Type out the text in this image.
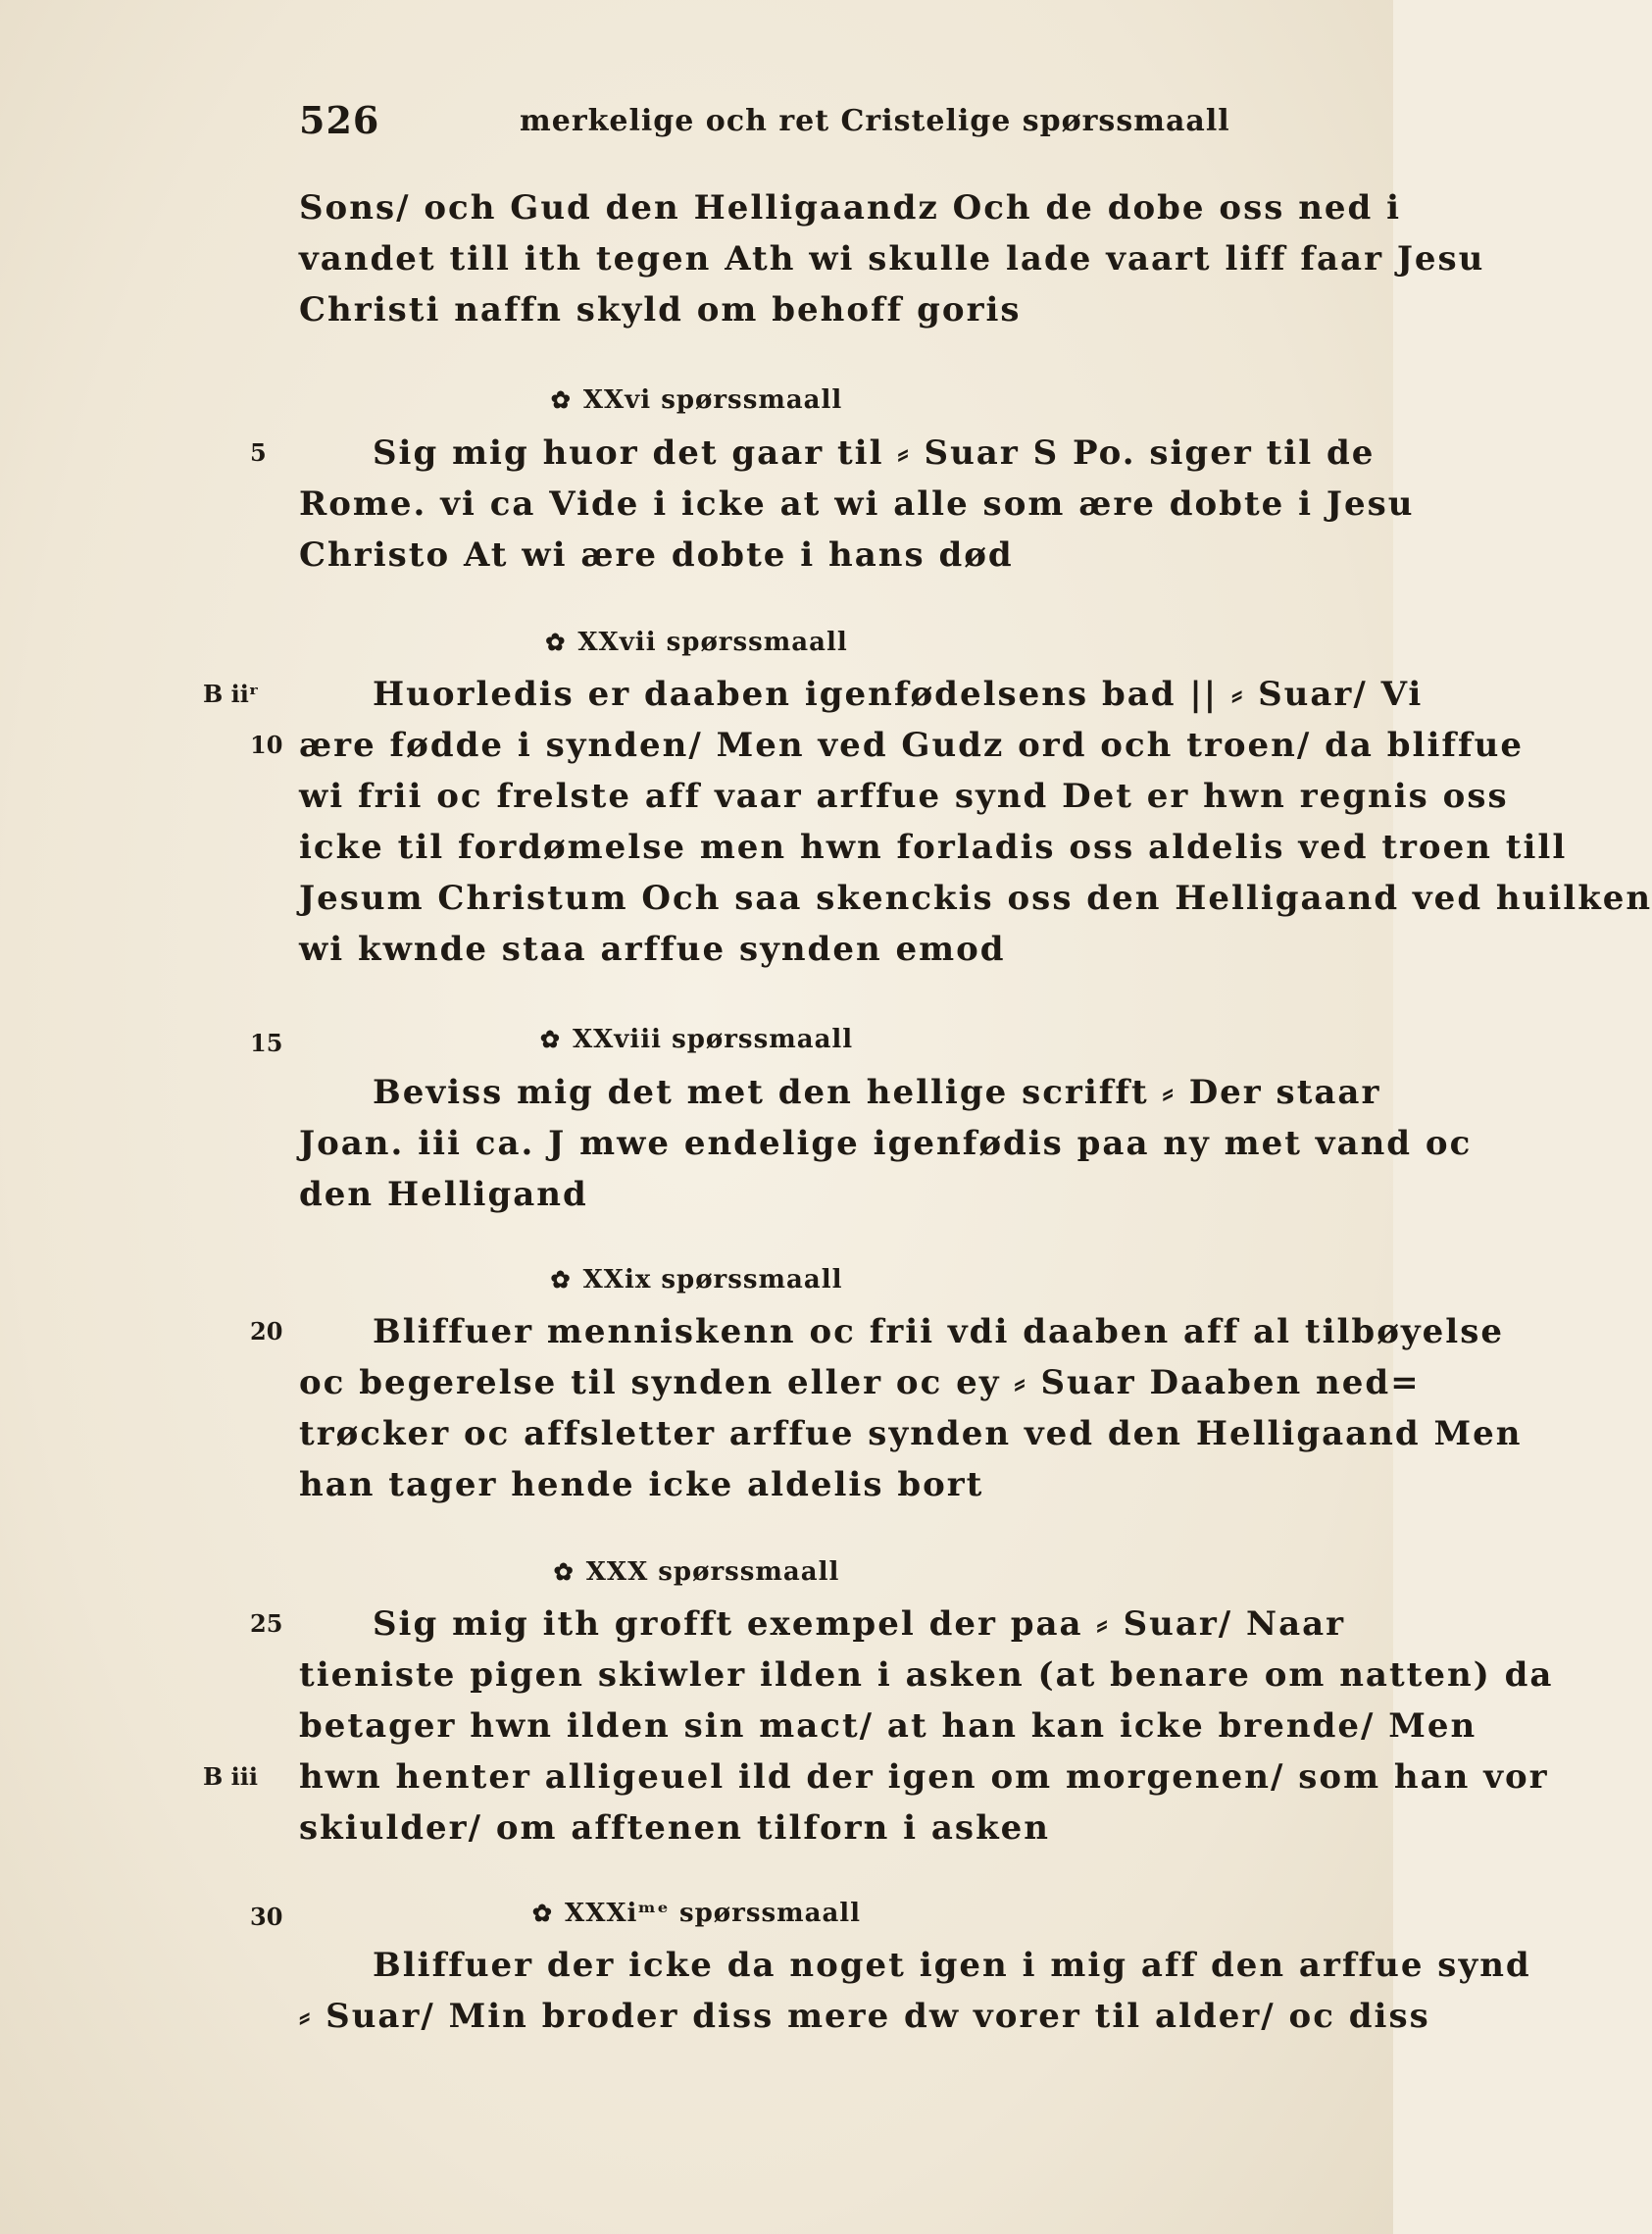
526	merkelige och ret Cristelige spørssmaall
Sons/ och Gud den Helligaandz Och de dobe oss ned i
vandet till ith tegen Ath wi skulle lade vaart liff faar Jesu
Christi naffn skyld om behoff goris
✿ XXvi spørssmaall
Sig mig huor det gaar til ⸗ Suar S Po. siger til de
5
Rome. vi ca Vide i icke at wi alle som ære dobte i Jesu
Christo At wi ære dobte i hans død
✿ XXvii spørssmaall
Huorledis er daaben igenfødelsens bad || ⸗ Suar/ Vi
B iiʳ
ære fødde i synden/ Men ved Gudz ord och troen/ da bliffue
10
wi frii oc frelste aff vaar arffue synd Det er hwn regnis oss
icke til fordømelse men hwn forladis oss aldelis ved troen till
Jesum Christum Och saa skenckis oss den Helligaand ved huilken
wi kwnde staa arffue synden emod
✿ XXviii spørssmaall
15
Beviss mig det met den hellige scrifft ⸗ Der staar
Joan. iii ca. J mwe endelige igenfødis paa ny met vand oc
den Helligand
✿ XXix spørssmaall
Bliffuer menniskenn oc frii vdi daaben aff al tilbøyelse
20
oc begerelse til synden eller oc ey ⸗ Suar Daaben ned=
trøcker oc affsletter arffue synden ved den Helligaand Men
han tager hende icke aldelis bort
✿ XXX spørssmaall
Sig mig ith grofft exempel der paa ⸗ Suar/ Naar
25
tieniste pigen skiwler ilden i asken (at benare om natten) da
betager hwn ilden sin mact/ at han kan icke brende/ Men
hwn henter alligeuel ild der igen om morgenen/ som han vor
B iii
skiulder/ om afftenen tilforn i asken
✿ XXXiᵐᵉ spørssmaall
30
Bliffuer der icke da noget igen i mig aff den arffue synd
⸗ Suar/ Min broder diss mere dw vorer til alder/ oc diss
